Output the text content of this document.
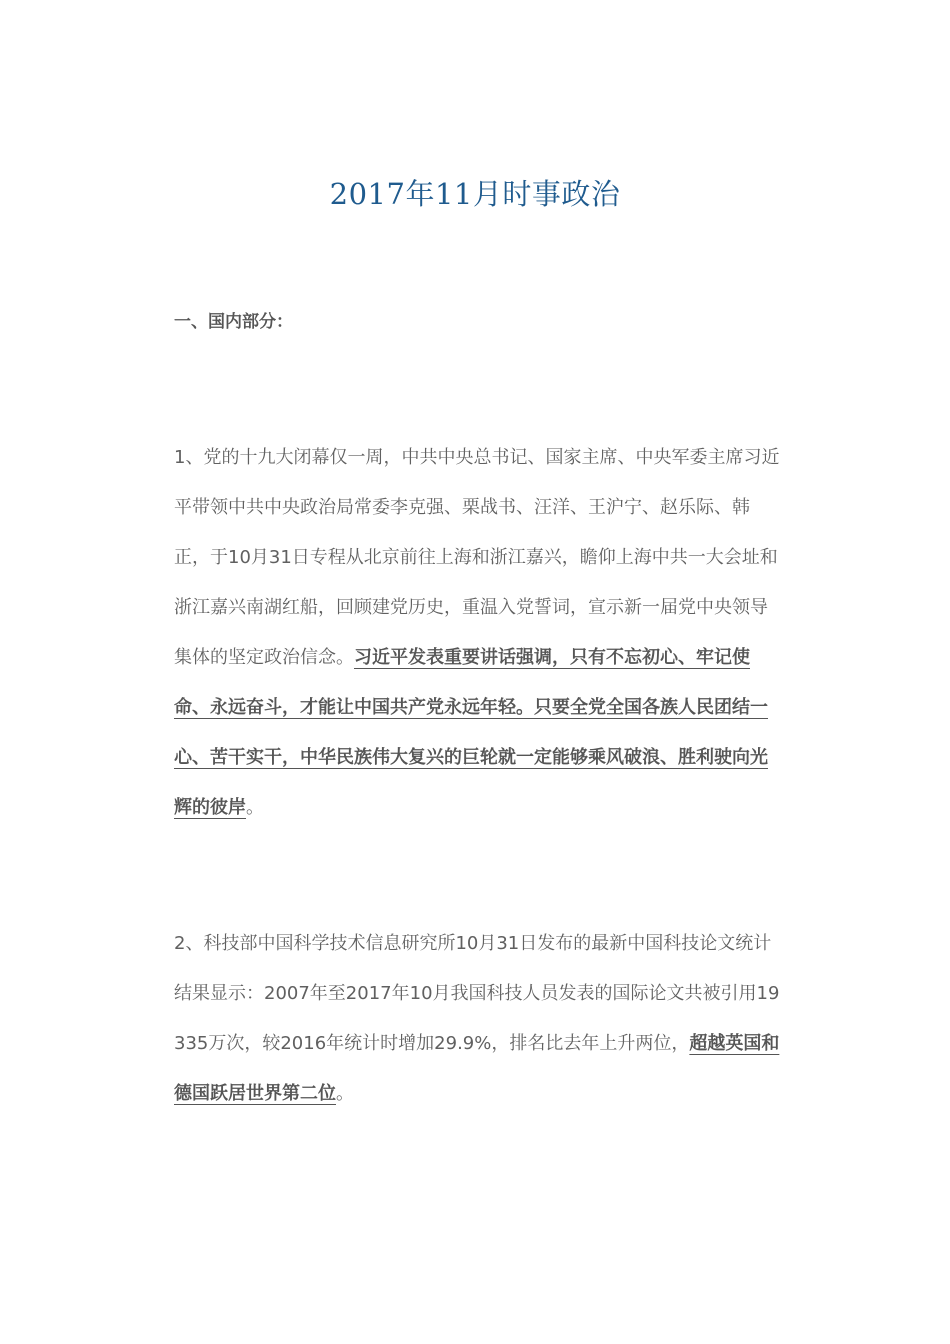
2017年11月时事政治
一、国内部分：

1、党的十九大闭幕仅一周，中共中央总书记、国家主席、中央军委主席习近平带领中共中央政治局常委李克强、栗战书、汪洋、王沪宁、赵乐际、韩正，于10月31日专程从北京前往上海和浙江嘉兴，瞻仰上海中共一大会址和浙江嘉兴南湖红船，回顾建党历史，重温入党誓词，宣示新一届党中央领导集体的坚定政治信念。习近平发表重要讲话强调，只有不忘初心、牢记使命、永远奋斗，才能让中国共产党永远年轻。只要全党全国各族人民团结一心、苦干实干，中华民族伟大复兴的巨轮就一定能够乘风破浪、胜利驶向光辉的彼岸。

2、科技部中国科学技术信息研究所10月31日发布的最新中国科技论文统计结果显示：2007年至2017年10月我国科技人员发表的国际论文共被引用19335万次，较2016年统计时增加29.9%，排名比去年上升两位，超越英国和德国跃居世界第二位。
